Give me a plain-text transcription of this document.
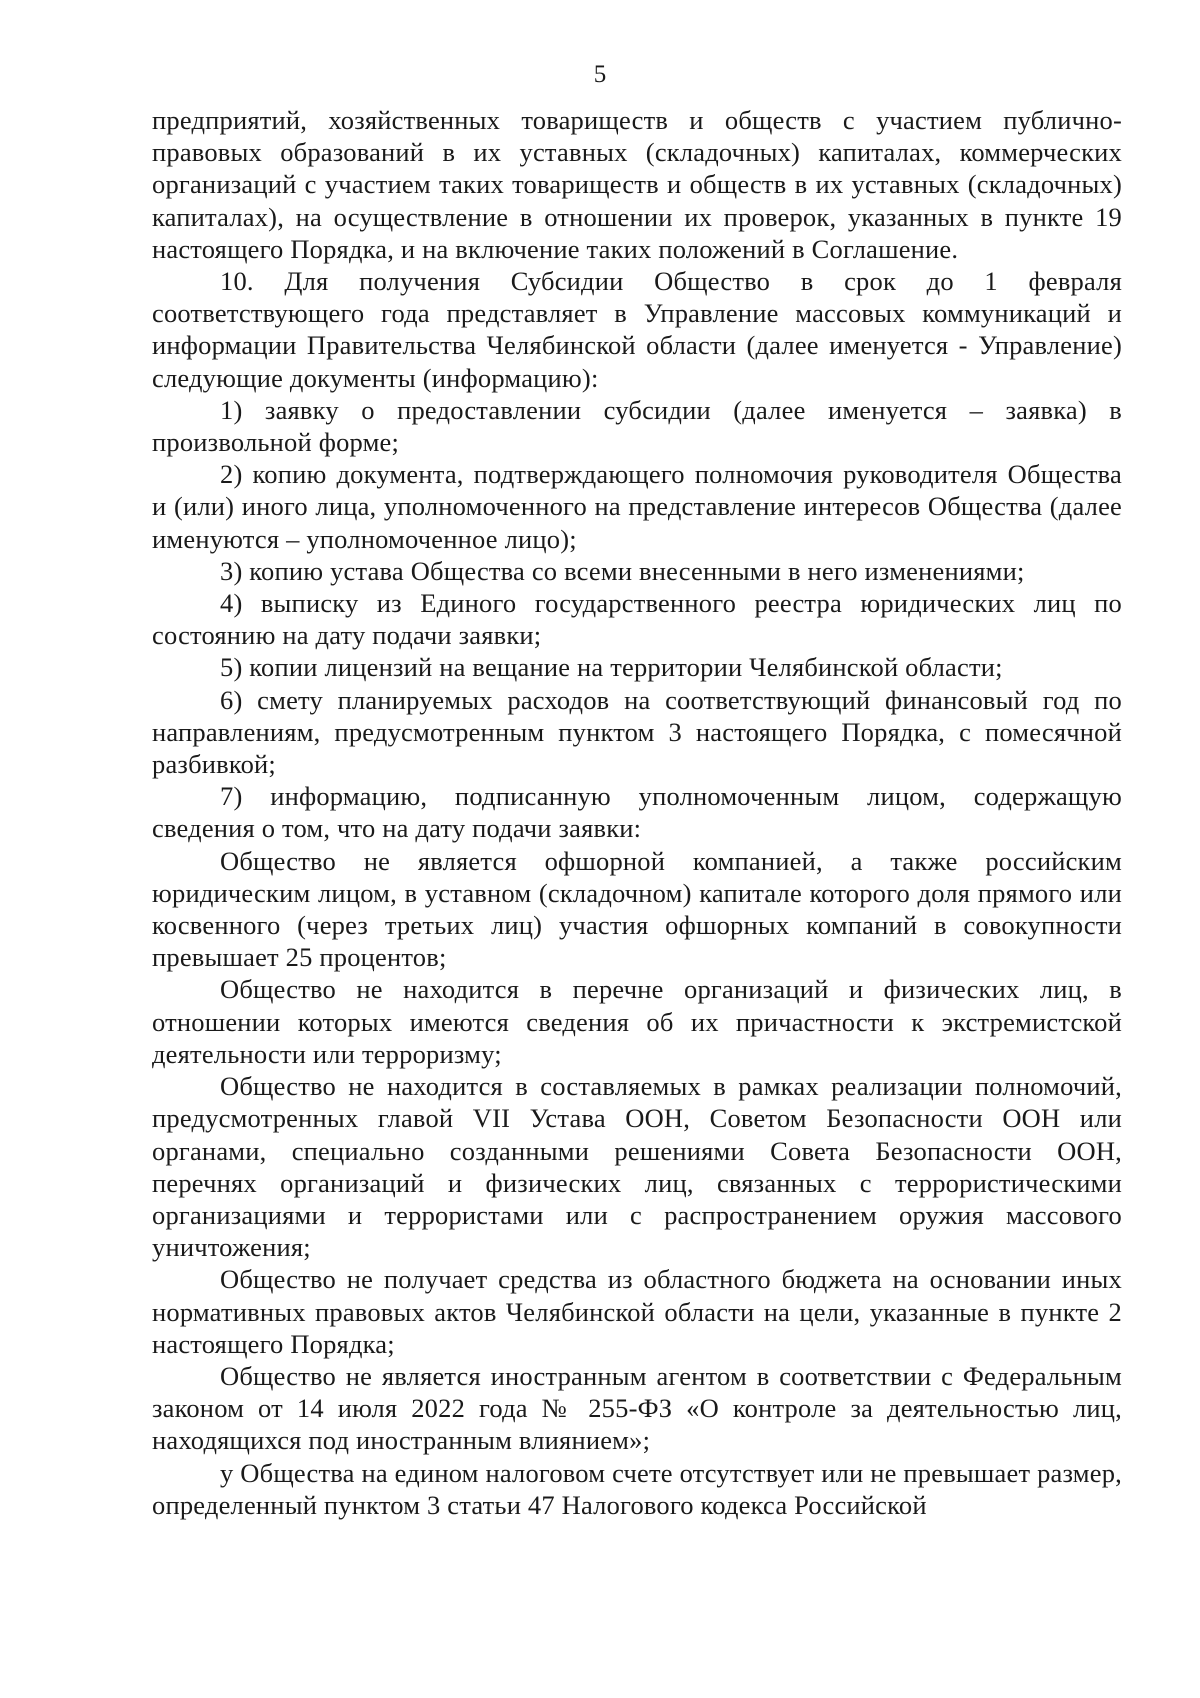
5

предприятий, хозяйственных товариществ и обществ с участием публично-правовых образований в их уставных (складочных) капиталах, коммерческих организаций с участием таких товариществ и обществ в их уставных (складочных) капиталах), на осуществление в отношении их проверок, указанных в пункте 19 настоящего Порядка, и на включение таких положений в Соглашение.

10. Для получения Субсидии Общество в срок до 1 февраля соответствующего года представляет в Управление массовых коммуникаций и информации Правительства Челябинской области (далее именуется - Управление) следующие документы (информацию):

1) заявку о предоставлении субсидии (далее именуется – заявка) в произвольной форме;

2) копию документа, подтверждающего полномочия руководителя Общества и (или) иного лица, уполномоченного на представление интересов Общества (далее именуются – уполномоченное лицо);

3) копию устава Общества со всеми внесенными в него изменениями;

4) выписку из Единого государственного реестра юридических лиц по состоянию на дату подачи заявки;

5) копии лицензий на вещание на территории Челябинской области;

6) смету планируемых расходов на соответствующий финансовый год по направлениям, предусмотренным пунктом 3 настоящего Порядка, с помесячной разбивкой;

7) информацию, подписанную уполномоченным лицом, содержащую сведения о том, что на дату подачи заявки:

Общество не является офшорной компанией, а также российским юридическим лицом, в уставном (складочном) капитале которого доля прямого или косвенного (через третьих лиц) участия офшорных компаний в совокупности превышает 25 процентов;

Общество не находится в перечне организаций и физических лиц, в отношении которых имеются сведения об их причастности к экстремистской деятельности или терроризму;

Общество не находится в составляемых в рамках реализации полномочий, предусмотренных главой VII Устава ООН, Советом Безопасности ООН или органами, специально созданными решениями Совета Безопасности ООН, перечнях организаций и физических лиц, связанных с террористическими организациями и террористами или с распространением оружия массового уничтожения;

Общество не получает средства из областного бюджета на основании иных нормативных правовых актов Челябинской области на цели, указанные в пункте 2 настоящего Порядка;

Общество не является иностранным агентом в соответствии с Федеральным законом от 14 июля 2022 года № 255-ФЗ «О контроле за деятельностью лиц, находящихся под иностранным влиянием»;

у Общества на едином налоговом счете отсутствует или не превышает размер, определенный пунктом 3 статьи 47 Налогового кодекса Российской
